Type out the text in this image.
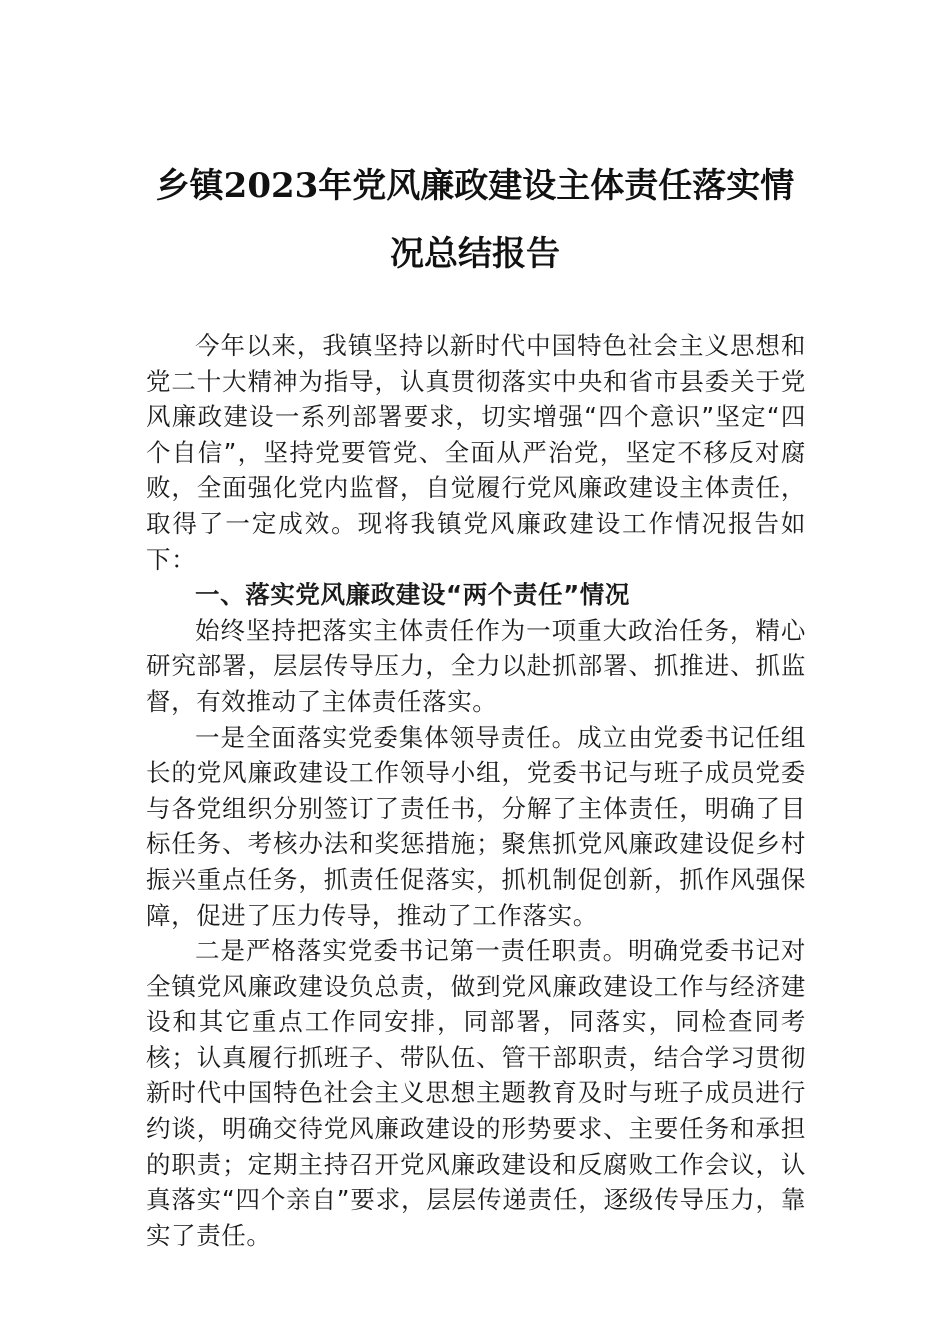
乡镇2023年党风廉政建设主体责任落实情
况总结报告

今年以来，我镇坚持以新时代中国特色社会主义思想和党二十大精神为指导，认真贯彻落实中央和省市县委关于党风廉政建设一系列部署要求，切实增强“四个意识”坚定“四个自信”，坚持党要管党、全面从严治党，坚定不移反对腐败，全面强化党内监督，自觉履行党风廉政建设主体责任，取得了一定成效。现将我镇党风廉政建设工作情况报告如下：

一、落实党风廉政建设“两个责任”情况

始终坚持把落实主体责任作为一项重大政治任务，精心研究部署，层层传导压力，全力以赴抓部署、抓推进、抓监督，有效推动了主体责任落实。

一是全面落实党委集体领导责任。成立由党委书记任组长的党风廉政建设工作领导小组，党委书记与班子成员党委与各党组织分别签订了责任书，分解了主体责任，明确了目标任务、考核办法和奖惩措施；聚焦抓党风廉政建设促乡村振兴重点任务，抓责任促落实，抓机制促创新，抓作风强保障，促进了压力传导，推动了工作落实。

二是严格落实党委书记第一责任职责。明确党委书记对全镇党风廉政建设负总责，做到党风廉政建设工作与经济建设和其它重点工作同安排，同部署，同落实，同检查同考核；认真履行抓班子、带队伍、管干部职责，结合学习贯彻新时代中国特色社会主义思想主题教育及时与班子成员进行约谈，明确交待党风廉政建设的形势要求、主要任务和承担的职责；定期主持召开党风廉政建设和反腐败工作会议，认真落实“四个亲自”要求，层层传递责任，逐级传导压力，靠实了责任。
